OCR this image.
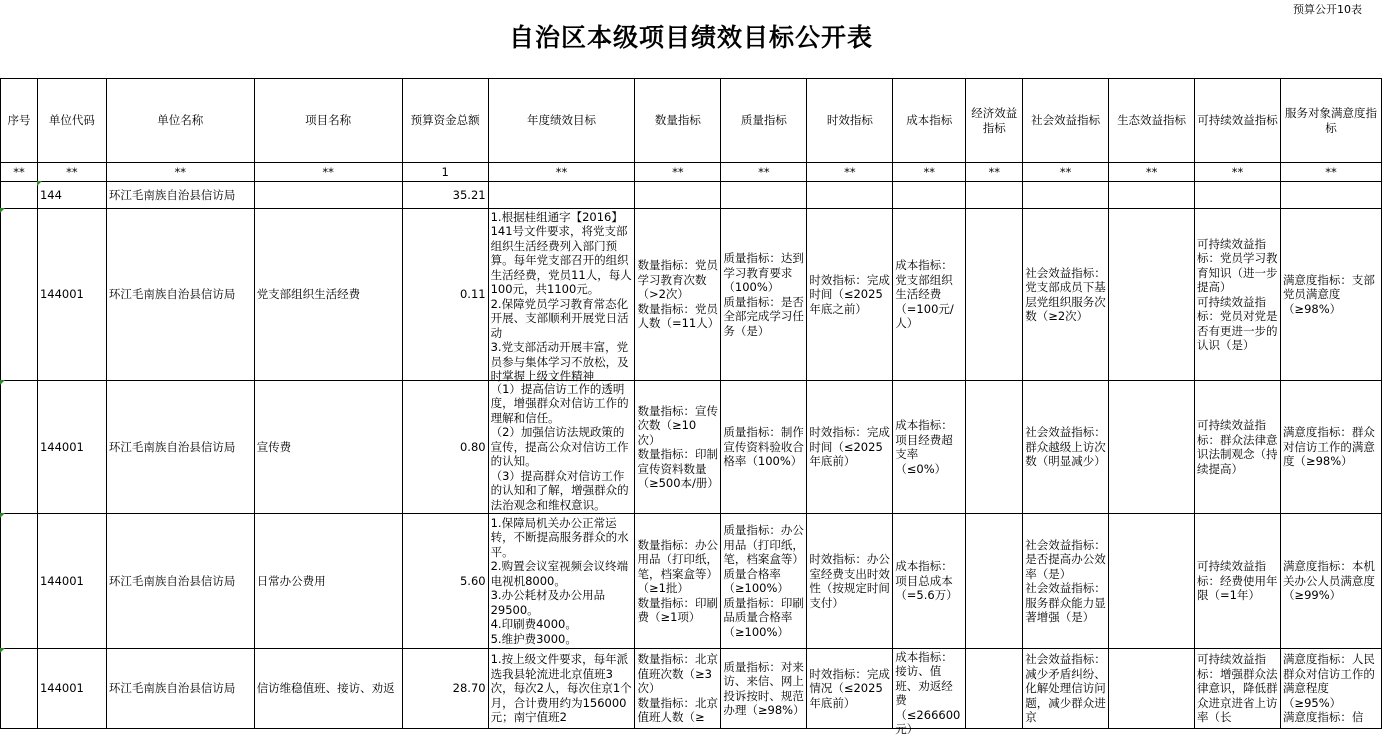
预算公开10表
自治区本级项目绩效目标公开表
序号	单位代码	单位名称	项目名称	预算资金总额	年度绩效目标	数量指标	质量指标	时效指标	成本指标	经济效益指标	社会效益指标	生态效益指标	可持续效益指标	服务对象满意度指标
**	**	**	**	1	**	**	**	**	**	**	**	**	**	**
	144	环江毛南族自治县信访局		35.21										
	144001	环江毛南族自治县信访局	党支部组织生活经费	0.11	1.根据桂组通字【2016】141号文件要求，将党支部组织生活经费列入部门预算。每年党支部召开的组织生活经费，党员11人，每人100元，共1100元。
2.保障党员学习教育常态化开展、支部顺利开展党日活动
3.党支部活动开展丰富，党员参与集体学习不放松，及时掌握上级文件精神	数量指标：党员学习教育次数（>2次）
数量指标：党员人数（=11人）	质量指标：达到学习教育要求（100%）
质量指标：是否全部完成学习任务（是）	时效指标：完成时间（≤2025年底之前）	成本指标：党支部组织生活经费（=100元/人）		社会效益指标：党支部成员下基层党组织服务次数（≥2次）		可持续效益指标：党员学习教育知识（进一步提高）
可持续效益指标：党员对党是否有更进一步的认识（是）	满意度指标：支部党员满意度（≥98%）

	144001	环江毛南族自治县信访局	宣传费	0.80	（1）提高信访工作的透明度，增强群众对信访工作的理解和信任。
（2）加强信访法规政策的宣传，提高公众对信访工作的认知。
（3）提高群众对信访工作的认知和了解，增强群众的法治观念和维权意识。	数量指标：宣传次数（≥10次）
数量指标：印制宣传资料数量（≥500本/册）	质量指标：制作宣传资料验收合格率（100%）	时效指标：完成时间（≤2025年底前）	成本指标：项目经费超支率（≤0%）		社会效益指标：群众越级上访次数（明显减少）		可持续效益指标：群众法律意识法制观念（持续提高）	满意度指标：群众对信访工作的满意度（≥98%）

	144001	环江毛南族自治县信访局	日常办公费用	5.60	1.保障局机关办公正常运转，不断提高服务群众的水平。
2.购置会议室视频会议终端电视机8000。
3.办公耗材及办公用品29500。
4.印刷费4000。
5.维护费3000。	数量指标：办公用品（打印纸，笔，档案盒等）（≥1批）
数量指标：印刷费（≥1项）	质量指标：办公用品（打印纸，笔，档案盒等）质量合格率（≥100%）
质量指标：印刷品质量合格率（≥100%）	时效指标：办公室经费支出时效性（按规定时间支付）	成本指标：项目总成本（=5.6万）		社会效益指标：是否提高办公效率（是）
社会效益指标：服务群众能力显著增强（是）		可持续效益指标：经费使用年限（=1年）	满意度指标：本机关办公人员满意度（≥99%）

	144001	环江毛南族自治县信访局	信访维稳值班、接访、劝返	28.70	1.按上级文件要求，每年派选我县轮流进北京值班3次，每次2人，每次住京1个月，合计费用约为156000元；南宁值班2	数量指标：北京值班次数（≥3次）
数量指标：北京值班人数（≥	质量指标：对来访、来信、网上投诉按时、规范办理（≥98%）	时效指标：完成情况（≤2025年底前）	成本指标：接访、值班、劝返经费（≤266600元）		社会效益指标：减少矛盾纠纷、化解处理信访问题，减少群众进京		可持续效益指标：增强群众法律意识，降低群众进京进省上访率（长	满意度指标：人民群众对信访工作的满意程度（≥95%）
满意度指标：信
